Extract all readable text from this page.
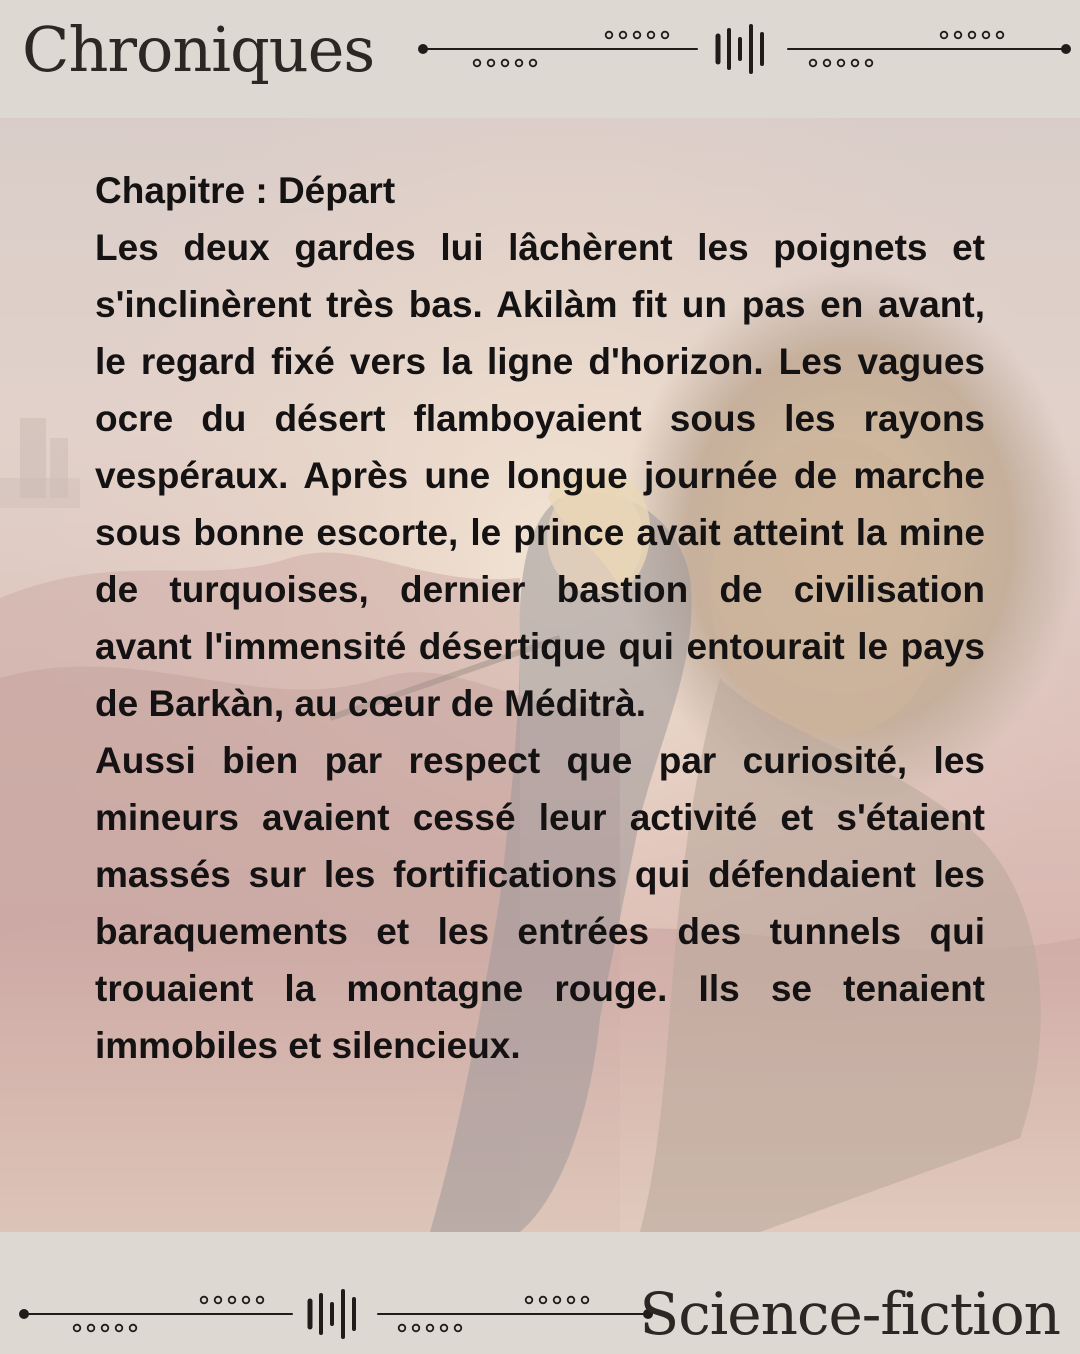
Chroniques

Chapitre : Départ

Les deux gardes lui lâchèrent les poignets et s'inclinèrent très bas. Akilàm fit un pas en avant, le regard fixé vers la ligne d'horizon. Les vagues ocre du désert flamboyaient sous les rayons vespéraux. Après une longue journée de marche sous bonne escorte, le prince avait atteint la mine de turquoises, dernier bastion de civilisation avant l'immensité désertique qui entourait le pays de Barkàn, au cœur de Méditrà.

Aussi bien par respect que par curiosité, les mineurs avaient cessé leur activité et s'étaient massés sur les fortifications qui défendaient les baraquements et les entrées des tunnels qui trouaient la montagne rouge. Ils se tenaient immobiles et silencieux.

Science-fiction
